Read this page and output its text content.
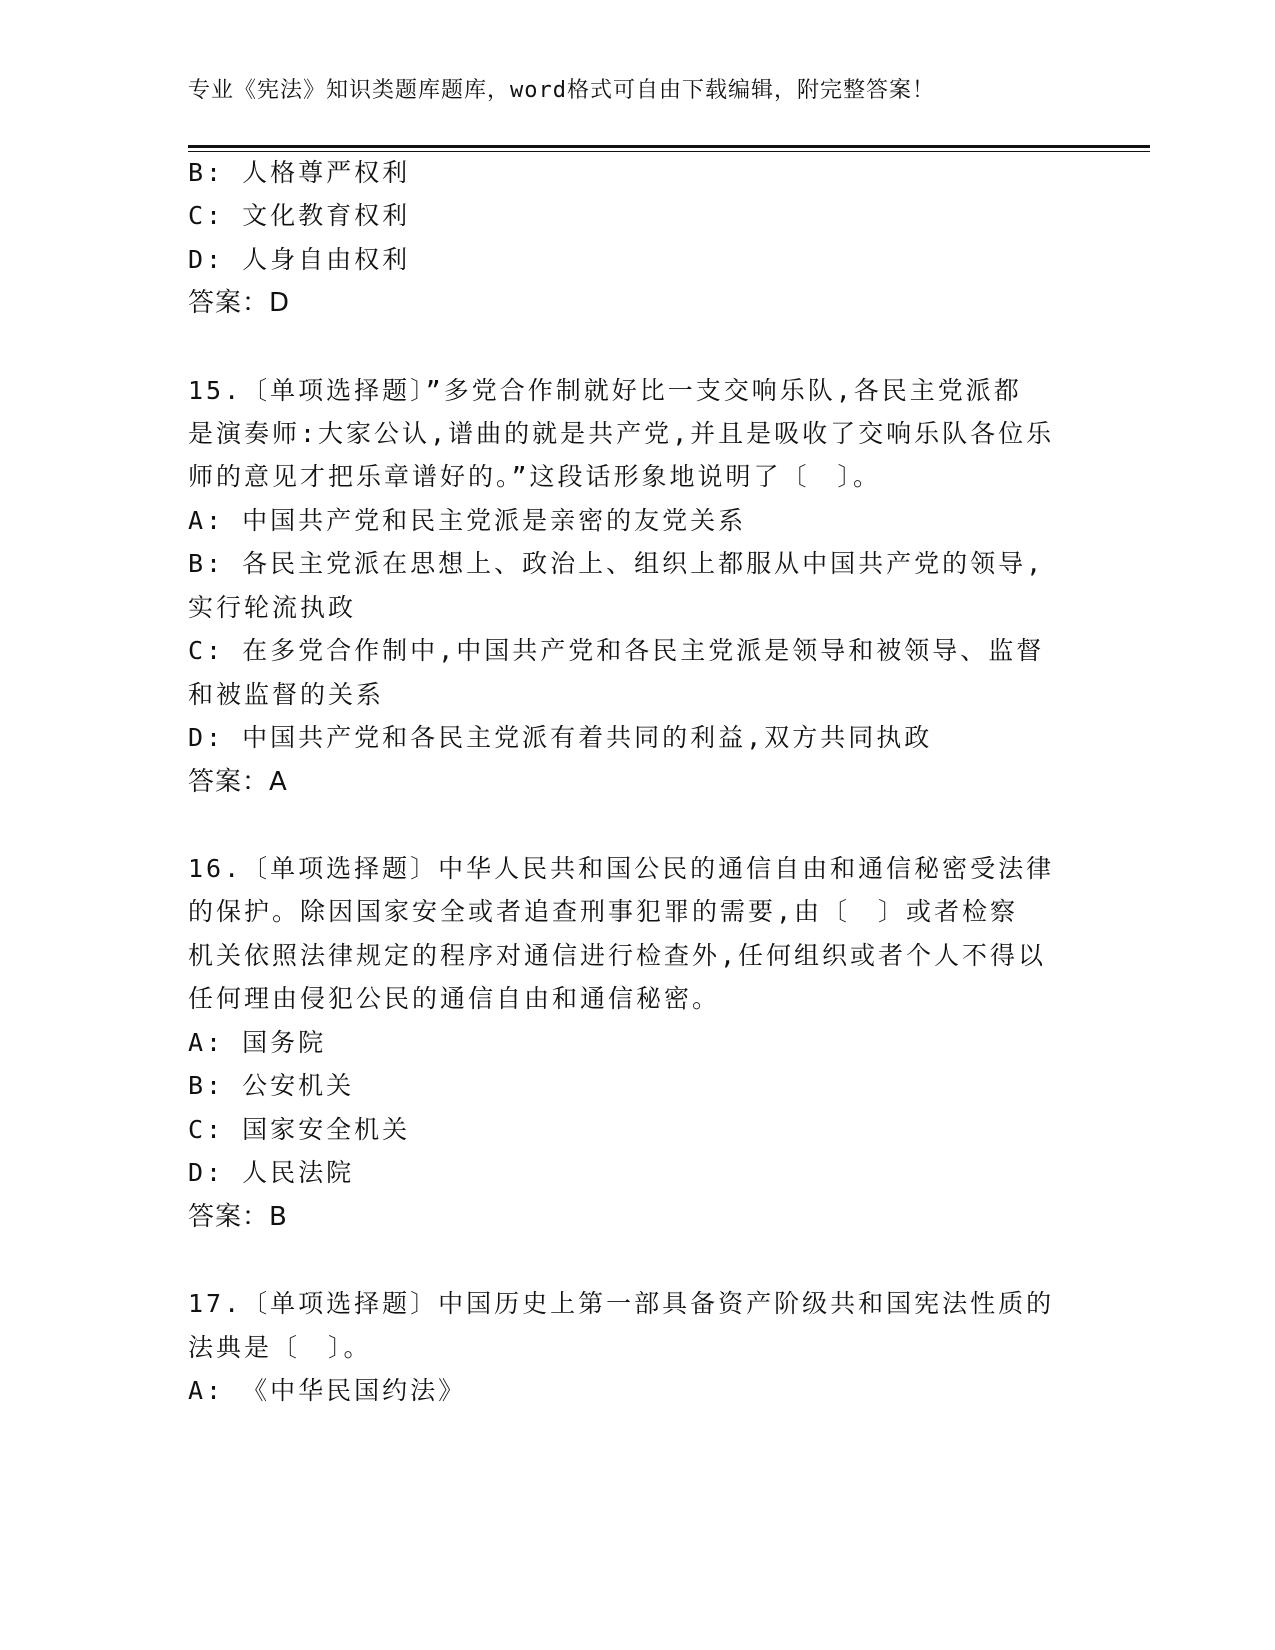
专业《宪法》知识类题库题库，word格式可自由下载编辑，附完整答案！
B: 人格尊严权利
C: 文化教育权利
D: 人身自由权利
答案：D
15.〔单项选择题〕”多党合作制就好比一支交响乐队,各民主党派都
是演奏师:大家公认,谱曲的就是共产党,并且是吸收了交响乐队各位乐
师的意见才把乐章谱好的。”这段话形象地说明了〔　〕。
A: 中国共产党和民主党派是亲密的友党关系
B: 各民主党派在思想上、政治上、组织上都服从中国共产党的领导,
实行轮流执政
C: 在多党合作制中,中国共产党和各民主党派是领导和被领导、监督
和被监督的关系
D: 中国共产党和各民主党派有着共同的利益,双方共同执政
答案：A
16.〔单项选择题〕中华人民共和国公民的通信自由和通信秘密受法律
的保护。除因国家安全或者追查刑事犯罪的需要,由〔　〕或者检察
机关依照法律规定的程序对通信进行检查外,任何组织或者个人不得以
任何理由侵犯公民的通信自由和通信秘密。
A: 国务院
B: 公安机关
C: 国家安全机关
D: 人民法院
答案：B
17.〔单项选择题〕中国历史上第一部具备资产阶级共和国宪法性质的
法典是〔　〕。
A: 《中华民国约法》
